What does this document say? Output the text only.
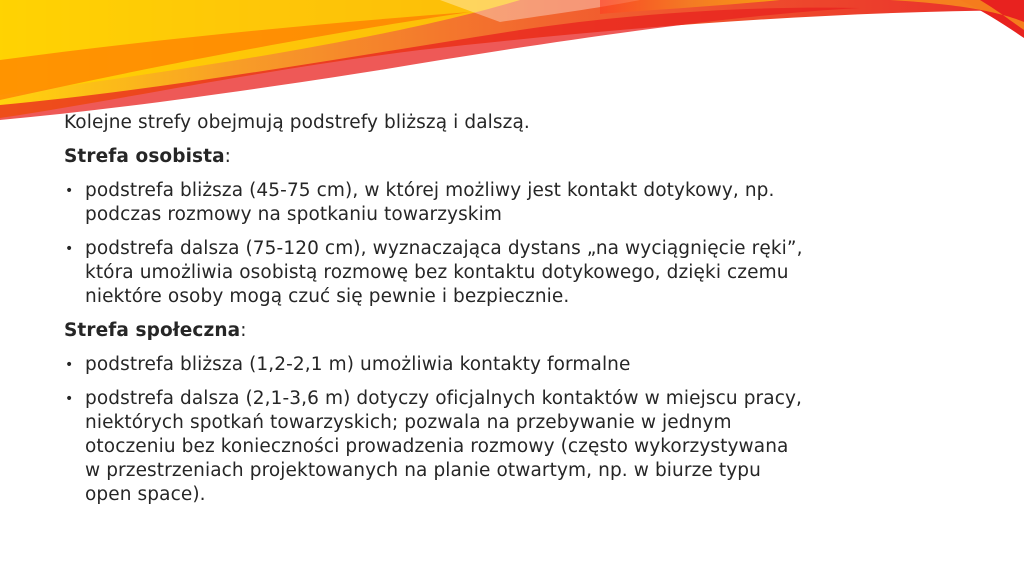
Kolejne strefy obejmują podstrefy bliższą i dalszą.
Strefa osobista:
• podstrefa bliższa (45-75 cm), w której możliwy jest kontakt dotykowy, np.
podczas rozmowy na spotkaniu towarzyskim
• podstrefa dalsza (75-120 cm), wyznaczająca dystans „na wyciągnięcie ręki”,
która umożliwia osobistą rozmowę bez kontaktu dotykowego, dzięki czemu
niektóre osoby mogą czuć się pewnie i bezpiecznie.
Strefa społeczna:
• podstrefa bliższa (1,2-2,1 m) umożliwia kontakty formalne
• podstrefa dalsza (2,1-3,6 m) dotyczy oficjalnych kontaktów w miejscu pracy,
niektórych spotkań towarzyskich; pozwala na przebywanie w jednym
otoczeniu bez konieczności prowadzenia rozmowy (często wykorzystywana
w przestrzeniach projektowanych na planie otwartym, np. w biurze typu
open space).
